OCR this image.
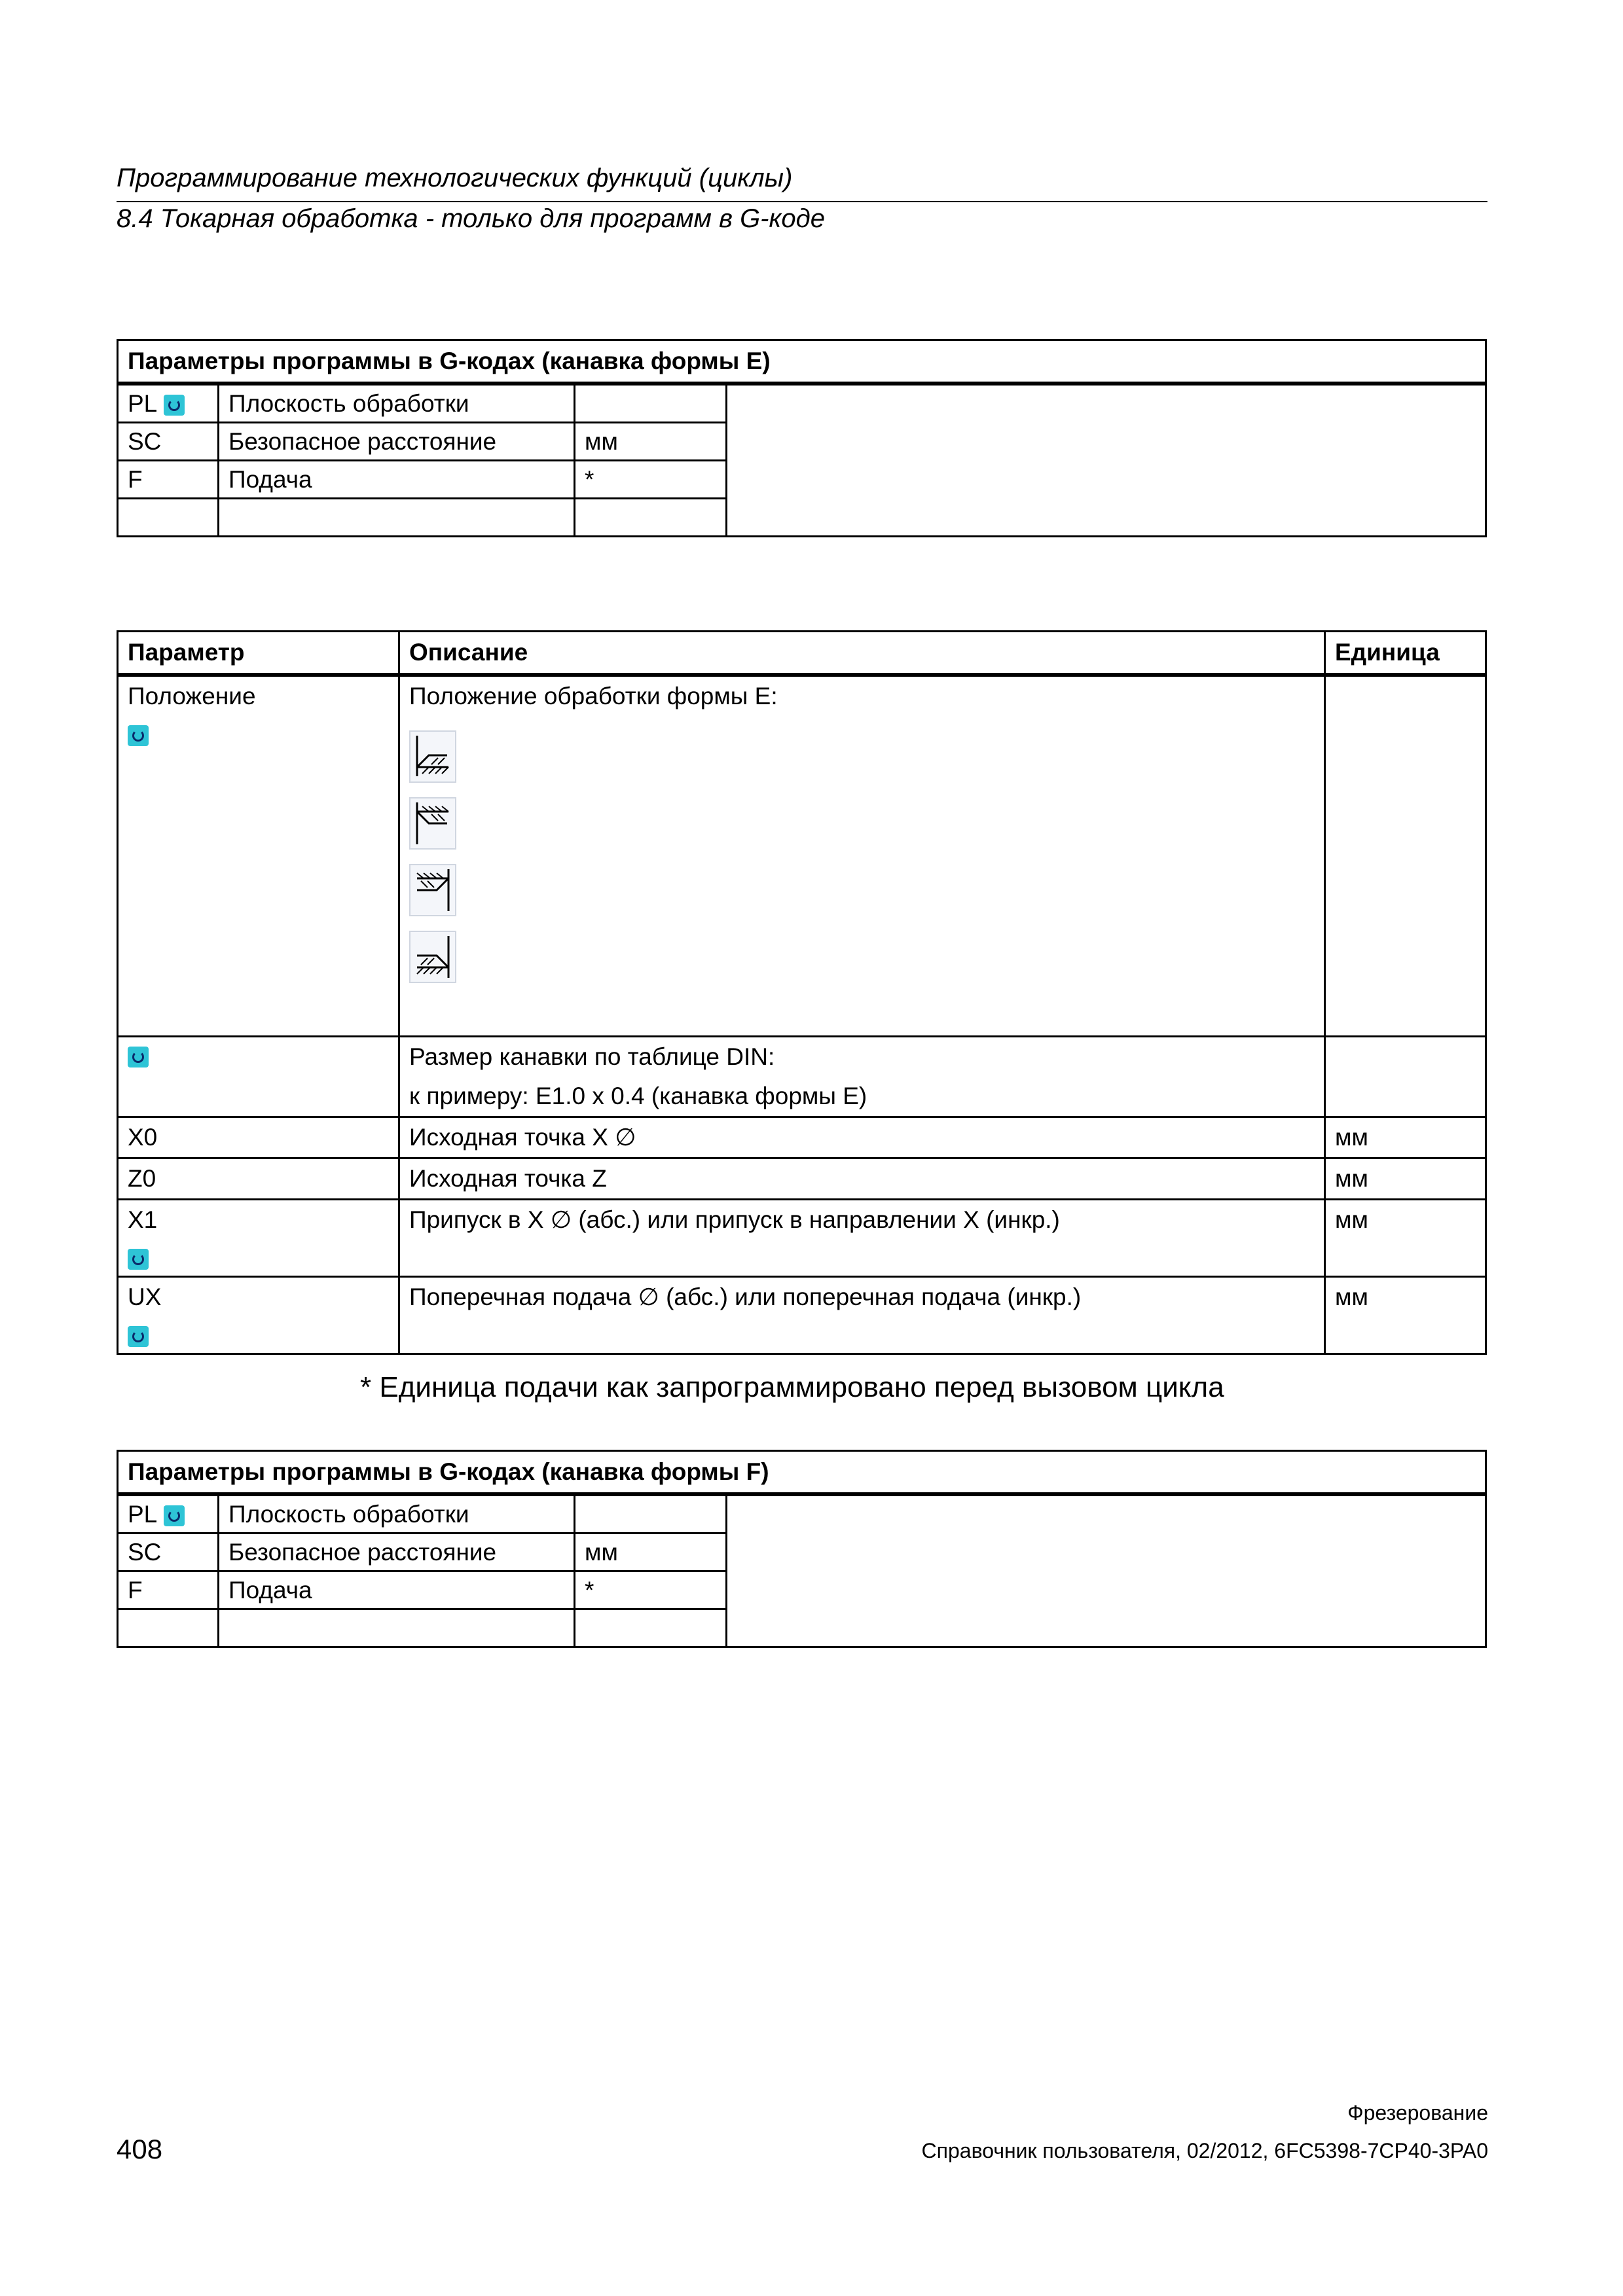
Программирование технологических функций (циклы)
8.4 Токарная обработка - только для программ в G-коде
Параметры программы в G-кодах (канавка формы E)			
PL	Плоскость обработки		
SC	Безопасное расстояние	мм	
F	Подача	*	

Параметр	Описание	Единица
Положение	Положение обработки формы E:

	Размер канавки по таблице DIN:
к примеру: E1.0 x 0.4 (канавка формы E)	

X0	Исходная точка X ∅	мм
Z0	Исходная точка Z	мм
X1	Припуск в X ∅ (абс.) или припуск в направлении X (инкр.)	мм
UX	Поперечная подача ∅ (абс.) или поперечная подача (инкр.)	мм
* Единица подачи как запрограммировано перед вызовом цикла
Параметры программы в G-кодах (канавка формы F)			
PL	Плоскость обработки		
SC	Безопасное расстояние	мм	
F	Подача	*	

Фрезерование
408	Справочник пользователя, 02/2012, 6FC5398-7CP40-3PA0
